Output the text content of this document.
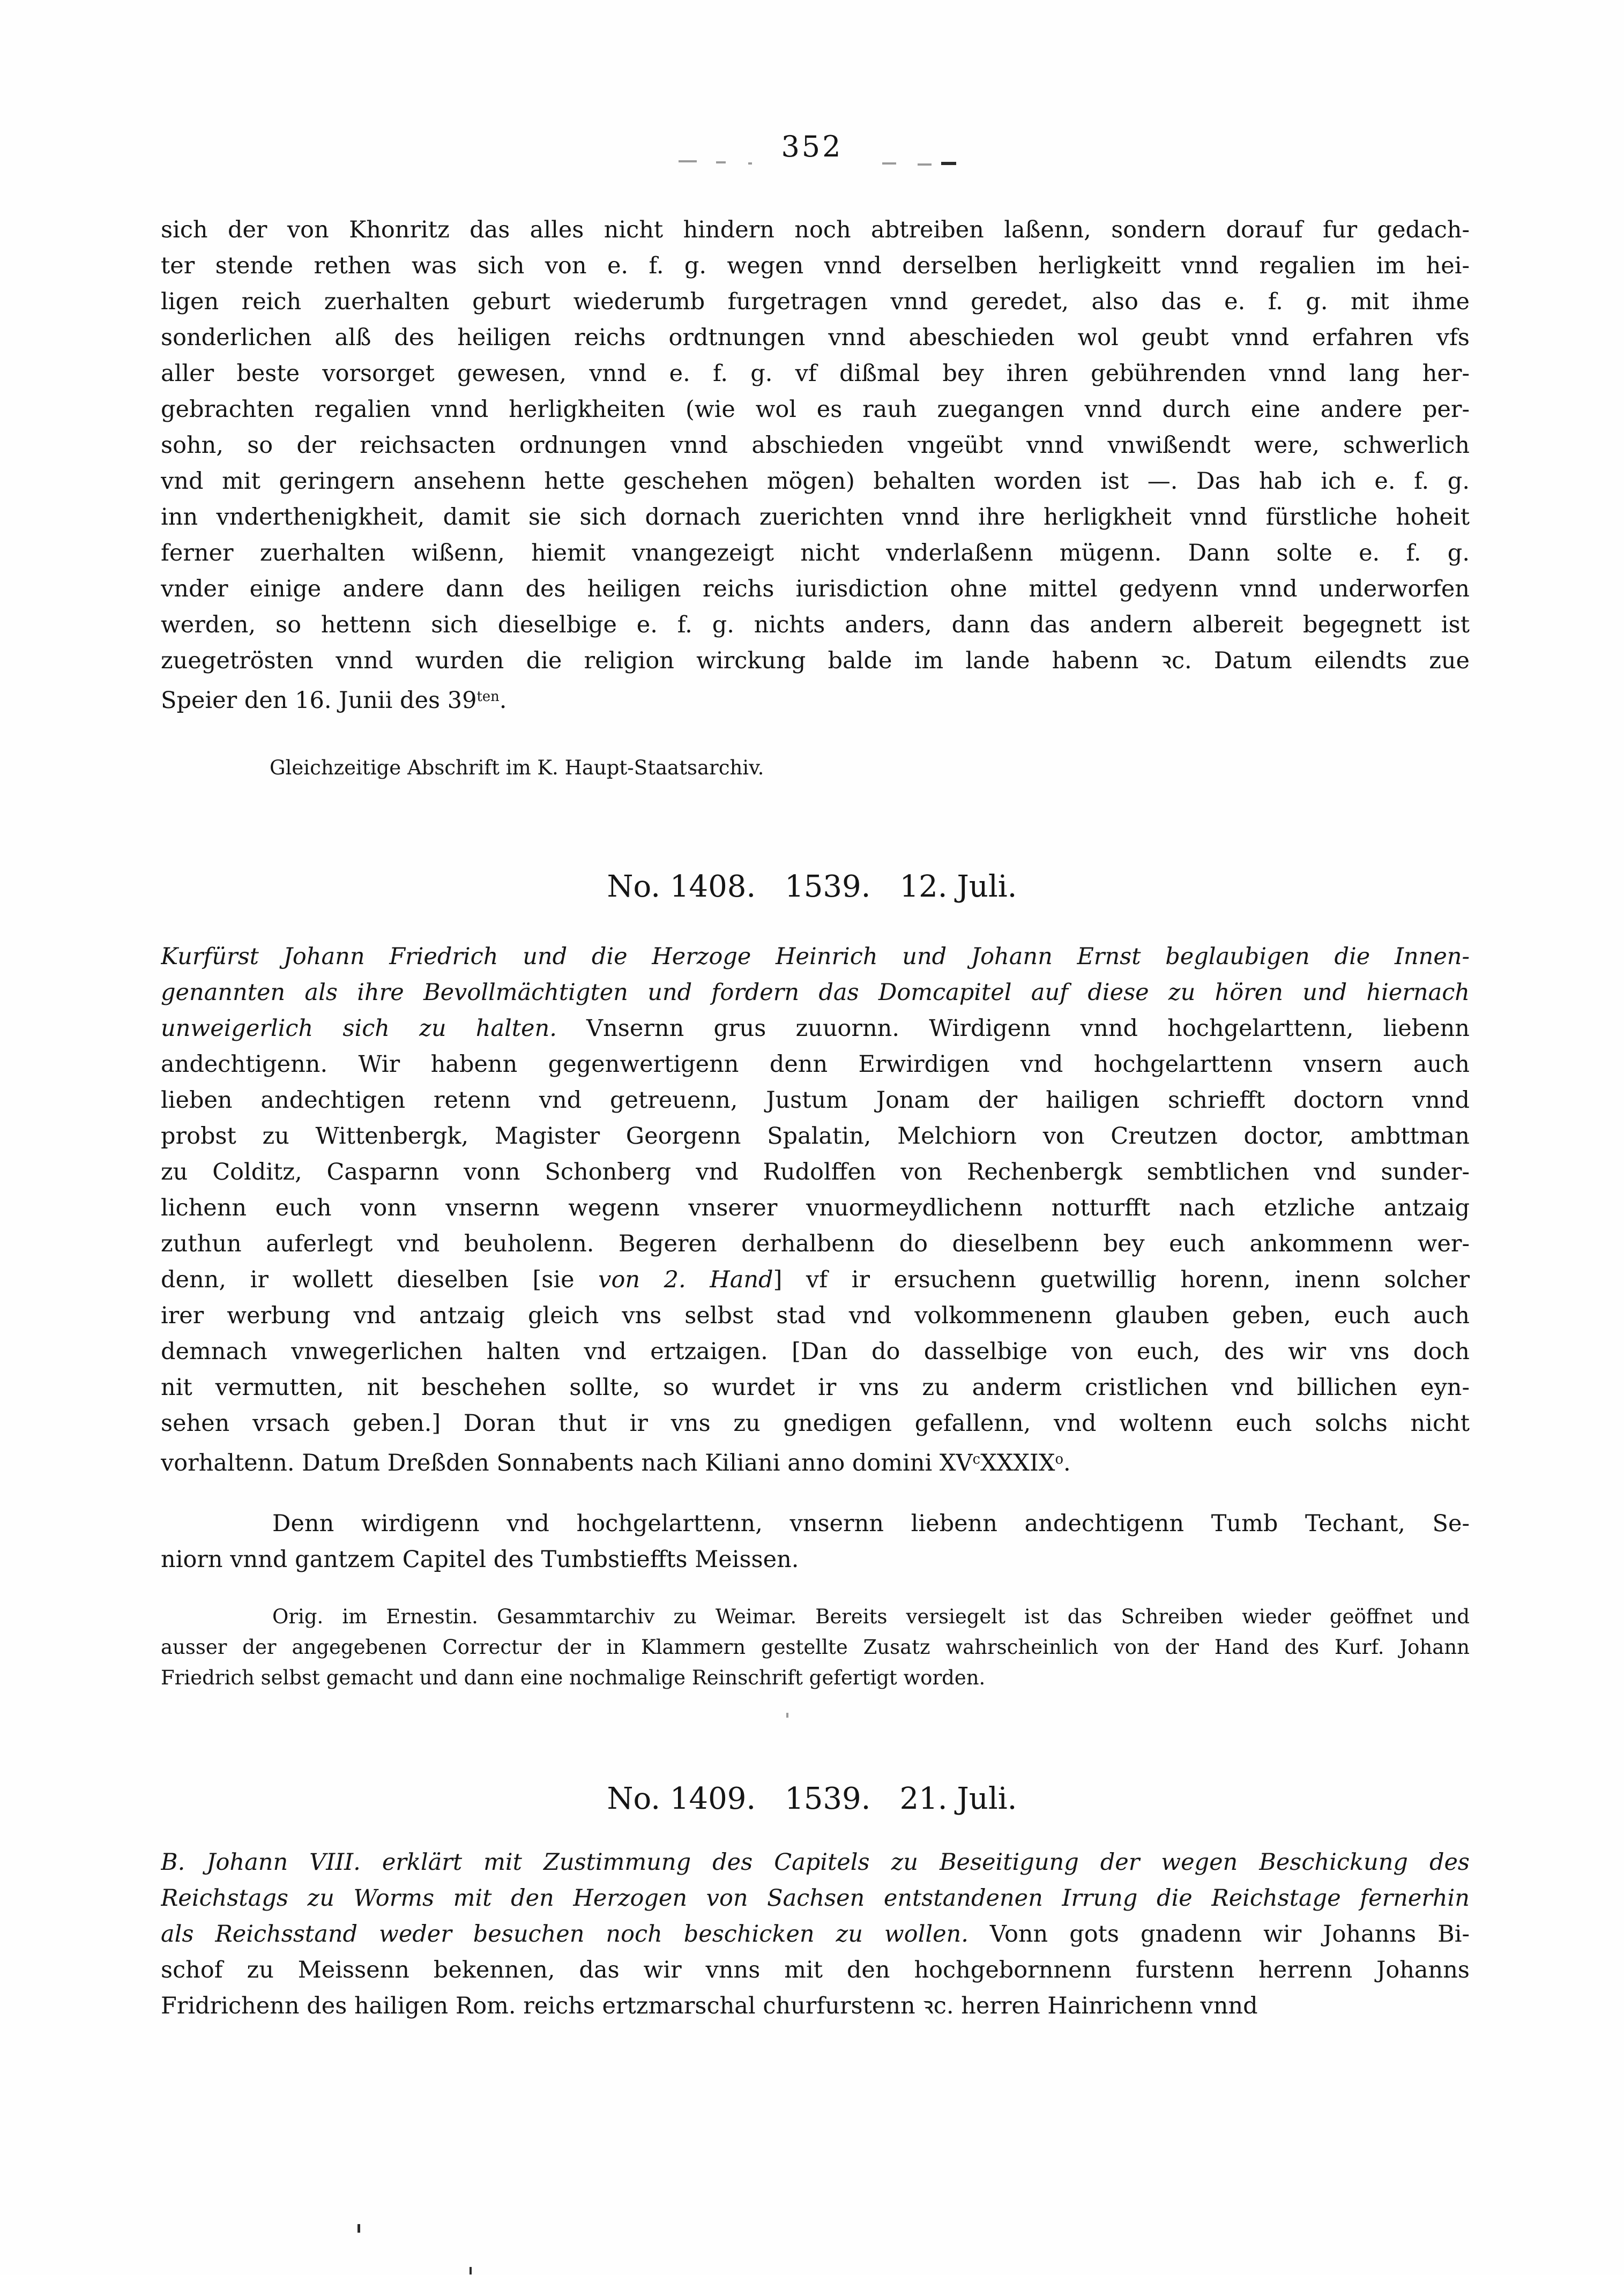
352
sich der von Khonritz das alles nicht hindern noch abtreiben laßenn, sondern dorauf fur gedach-
ter stende rethen was sich von e. f. g. wegen vnnd derselben herligkeitt vnnd regalien im hei-
ligen reich zuerhalten geburt wiederumb furgetragen vnnd geredet, also das e. f. g. mit ihme
sonderlichen alß des heiligen reichs ordtnungen vnnd abeschieden wol geubt vnnd erfahren vfs
aller beste vorsorget gewesen, vnnd e. f. g. vf dißmal bey ihren gebührenden vnnd lang her-
gebrachten regalien vnnd herligkheiten (wie wol es rauh zuegangen vnnd durch eine andere per-
sohn, so der reichsacten ordnungen vnnd abschieden vngeübt vnnd vnwißendt were, schwerlich
vnd mit geringern ansehenn hette geschehen mögen) behalten worden ist —. Das hab ich e. f. g.
inn vnderthenigkheit, damit sie sich dornach zuerichten vnnd ihre herligkheit vnnd fürstliche hoheit
ferner zuerhalten wißenn, hiemit vnangezeigt nicht vnderlaßenn mügenn. Dann solte e. f. g.
vnder einige andere dann des heiligen reichs iurisdiction ohne mittel gedyenn vnnd underworfen
werden, so hettenn sich dieselbige e. f. g. nichts anders, dann das andern albereit begegnett ist
zuegetrösten vnnd wurden die religion wirckung balde im lande habenn ꝛc. Datum eilendts zue
Speier den 16. Junii des $39^{ten}$.
Gleichzeitige Abschrift im K. Haupt-Staatsarchiv.
No. 1408. 1539. 12. Juli.
Kurfürst Johann Friedrich und die Herzoge Heinrich und Johann Ernst beglaubigen die Innen-
genannten als ihre Bevollmächtigten und fordern das Domcapitel auf diese zu hören und hiernach
unweigerlich sich zu halten. Vnsernn grus zuuornn. Wirdigenn vnnd hochgelarttenn, liebenn
andechtigenn. Wir habenn gegenwertigenn denn Erwirdigen vnd hochgelarttenn vnsern auch
lieben andechtigen retenn vnd getreuenn, Justum Jonam der hailigen schriefft doctorn vnnd
probst zu Wittenbergk, Magister Georgenn Spalatin, Melchiorn von Creutzen doctor, ambttman
zu Colditz, Casparnn vonn Schonberg vnd Rudolffen von Rechenbergk sembtlichen vnd sunder-
lichenn euch vonn vnsernn wegenn vnserer vnuormeydlichenn notturfft nach etzliche antzaig
zuthun auferlegt vnd beuholenn. Begeren derhalbenn do dieselbenn bey euch ankommenn wer-
denn, ir wollett dieselben [sie von 2. Hand] vf ir ersuchenn guetwillig horenn, inenn solcher
irer werbung vnd antzaig gleich vns selbst stad vnd volkommenenn glauben geben, euch auch
demnach vnwegerlichen halten vnd ertzaigen. [Dan do dasselbige von euch, des wir vns doch
nit vermutten, nit beschehen sollte, so wurdet ir vns zu anderm cristlichen vnd billichen eyn-
sehen vrsach geben.] Doran thut ir vns zu gnedigen gefallenn, vnd woltenn euch solchs nicht
vorhaltenn. Datum Dreßden Sonnabents nach Kiliani anno domini $XV^cXXXIX^o$.
Denn wirdigenn vnd hochgelarttenn, vnsernn liebenn andechtigenn Tumb Techant, Se-
niorn vnnd gantzem Capitel des Tumbstieffts Meissen.
Orig. im Ernestin. Gesammtarchiv zu Weimar. Bereits versiegelt ist das Schreiben wieder geöffnet und
ausser der angegebenen Correctur der in Klammern gestellte Zusatz wahrscheinlich von der Hand des Kurf. Johann
Friedrich selbst gemacht und dann eine nochmalige Reinschrift gefertigt worden.
No. 1409. 1539. 21. Juli.
B. Johann VIII. erklärt mit Zustimmung des Capitels zu Beseitigung der wegen Beschickung des
Reichstags zu Worms mit den Herzogen von Sachsen entstandenen Irrung die Reichstage fernerhin
als Reichsstand weder besuchen noch beschicken zu wollen. Vonn gots gnadenn wir Johanns Bi-
schof zu Meissenn bekennen, das wir vnns mit den hochgebornnenn furstenn herrenn Johanns
Fridrichenn des hailigen Rom. reichs ertzmarschal churfurstenn ꝛc. herren Hainrichenn vnnd
